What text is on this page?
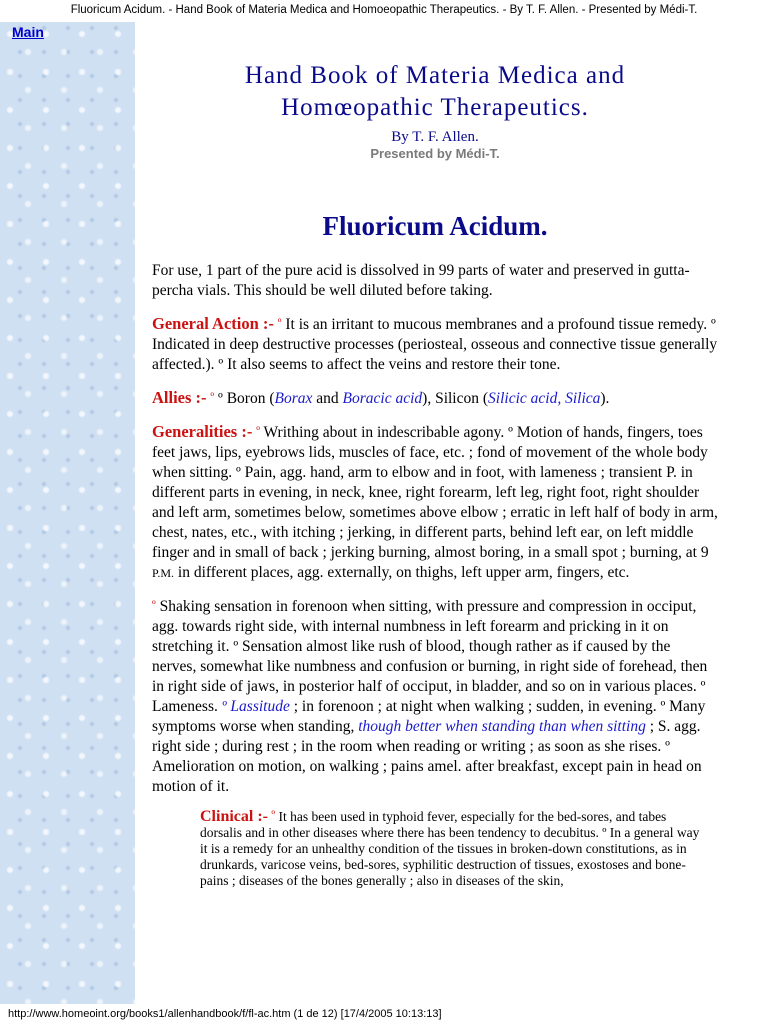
Fluoricum Acidum. - Hand Book of Materia Medica and Homoeopathic Therapeutics. - By T. F. Allen. - Presented by Médi-T.
Main
Hand Book of Materia Medica and
Homœopathic Therapeutics.
By T. F. Allen.
Presented by Médi-T.
Fluoricum Acidum.

For use, 1 part of the pure acid is dissolved in 99 parts of water and preserved in gutta-percha vials. This should be well diluted before taking.

General Action :- º It is an irritant to mucous membranes and a profound tissue remedy. º Indicated in deep destructive processes (periosteal, osseous and connective tissue generally affected.). º It also seems to affect the veins and restore their tone.

Allies :- º º Boron (Borax and Boracic acid), Silicon (Silicic acid, Silica).

Generalities :- º Writhing about in indescribable agony. º Motion of hands, fingers, toes feet jaws, lips, eyebrows lids, muscles of face, etc. ; fond of movement of the whole body when sitting. º Pain, agg. hand, arm to elbow and in foot, with lameness ; transient P. in different parts in evening, in neck, knee, right forearm, left leg, right foot, right shoulder and left arm, sometimes below, sometimes above elbow ; erratic in left half of body in arm, chest, nates, etc., with itching ; jerking, in different parts, behind left ear, on left middle finger and in small of back ; jerking burning, almost boring, in a small spot ; burning, at 9 P.M. in different places, agg. externally, on thighs, left upper arm, fingers, etc.

º Shaking sensation in forenoon when sitting, with pressure and compression in occiput, agg. towards right side, with internal numbness in left forearm and pricking in it on stretching it. º Sensation almost like rush of blood, though rather as if caused by the nerves, somewhat like numbness and confusion or burning, in right side of forehead, then in right side of jaws, in posterior half of occiput, in bladder, and so on in various places. º Lameness. º Lassitude ; in forenoon ; at night when walking ; sudden, in evening. º Many symptoms worse when standing, though better when standing than when sitting ; S. agg. right side ; during rest ; in the room when reading or writing ; as soon as she rises. º Amelioration on motion, on walking ; pains amel. after breakfast, except pain in head on motion of it.

Clinical :- º It has been used in typhoid fever, especially for the bed-sores, and tabes dorsalis and in other diseases where there has been tendency to decubitus. º In a general way it is a remedy for an unhealthy condition of the tissues in broken-down constitutions, as in drunkards, varicose veins, bed-sores, syphilitic destruction of tissues, exostoses and bone-pains ; diseases of the bones generally ; also in diseases of the skin,

http://www.homeoint.org/books1/allenhandbook/f/fl-ac.htm (1 de 12) [17/4/2005 10:13:13]
